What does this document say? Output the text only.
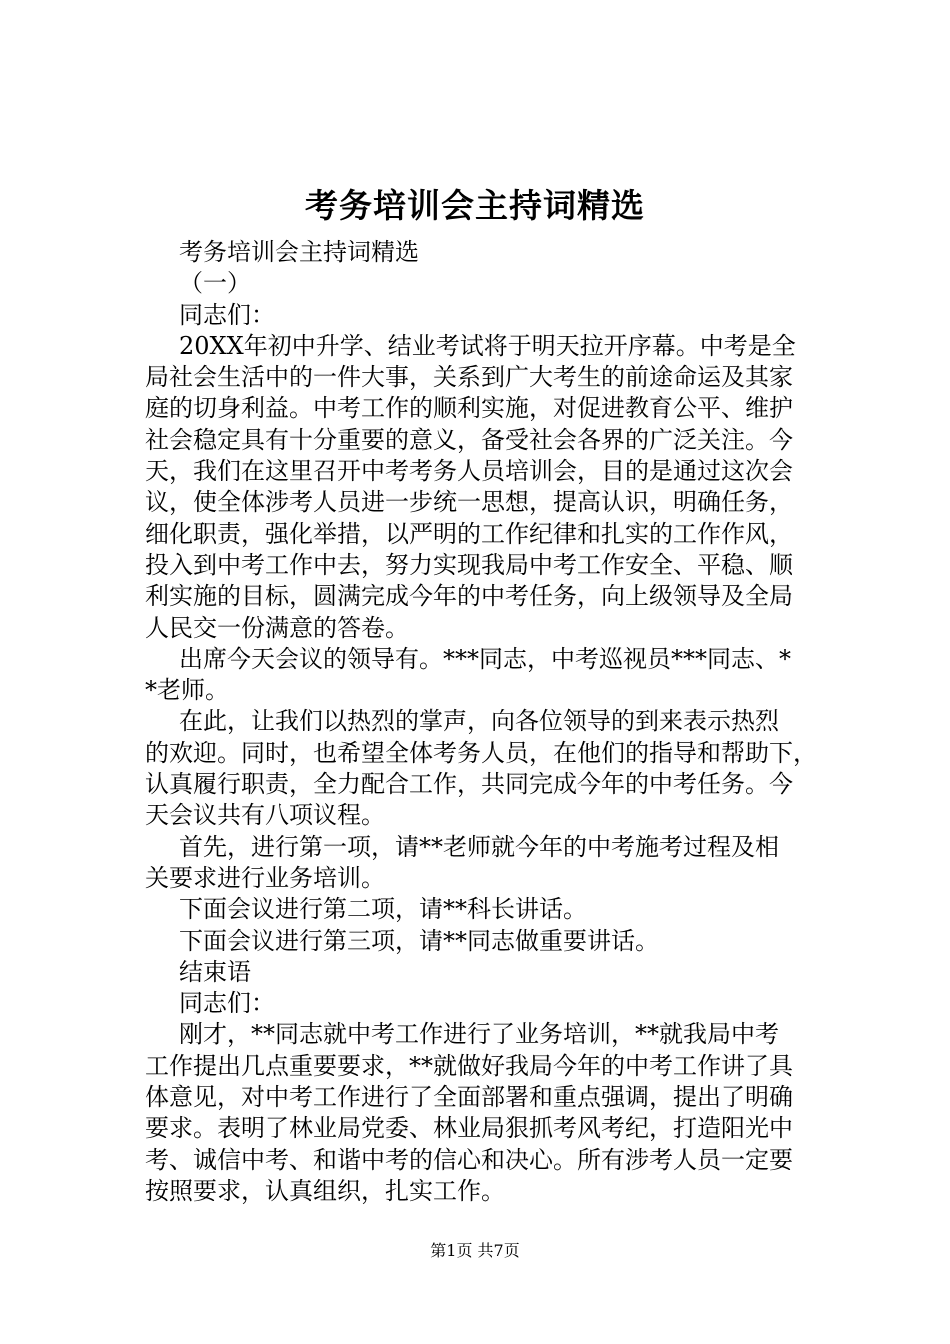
考务培训会主持词精选
考务培训会主持词精选
（一）
同志们：
20XX年初中升学、结业考试将于明天拉开序幕。中考是全
局社会生活中的一件大事，关系到广大考生的前途命运及其家
庭的切身利益。中考工作的顺利实施，对促进教育公平、维护
社会稳定具有十分重要的意义，备受社会各界的广泛关注。今
天，我们在这里召开中考考务人员培训会，目的是通过这次会
议，使全体涉考人员进一步统一思想，提高认识，明确任务，
细化职责，强化举措，以严明的工作纪律和扎实的工作作风，
投入到中考工作中去，努力实现我局中考工作安全、平稳、顺
利实施的目标，圆满完成今年的中考任务，向上级领导及全局
人民交一份满意的答卷。
出席今天会议的领导有。***同志，中考巡视员***同志、*
*老师。
在此，让我们以热烈的掌声，向各位领导的到来表示热烈
的欢迎。同时，也希望全体考务人员，在他们的指导和帮助下，
认真履行职责，全力配合工作，共同完成今年的中考任务。今
天会议共有八项议程。
首先，进行第一项，请**老师就今年的中考施考过程及相
关要求进行业务培训。
下面会议进行第二项，请**科长讲话。
下面会议进行第三项，请**同志做重要讲话。
结束语
同志们：
刚才，**同志就中考工作进行了业务培训，**就我局中考
工作提出几点重要要求，**就做好我局今年的中考工作讲了具
体意见，对中考工作进行了全面部署和重点强调，提出了明确
要求。表明了林业局党委、林业局狠抓考风考纪，打造阳光中
考、诚信中考、和谐中考的信心和决心。所有涉考人员一定要
按照要求，认真组织，扎实工作。
第1页 共7页
